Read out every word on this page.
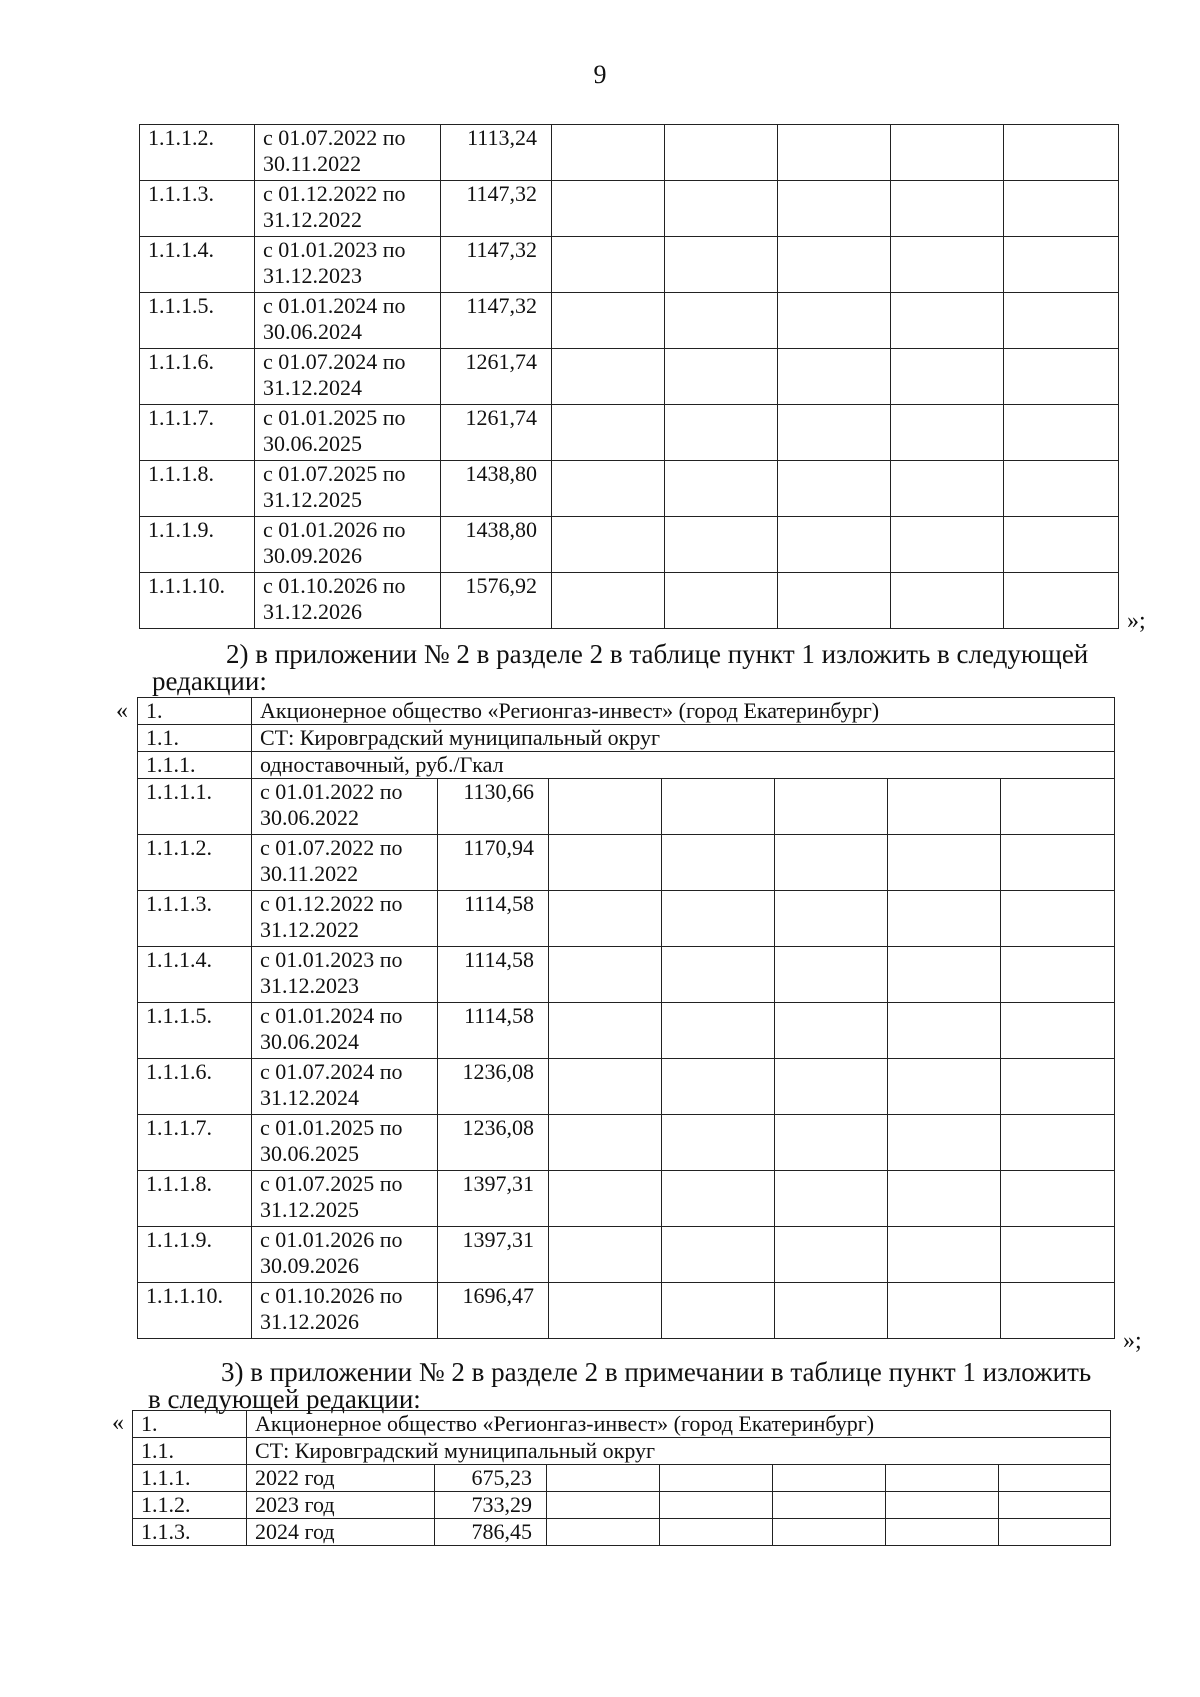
9
1.1.1.2.	с 01.07.2022 по
30.11.2022	1113,24					
1.1.1.3.	с 01.12.2022 по
31.12.2022	1147,32					
1.1.1.4.	с 01.01.2023 по
31.12.2023	1147,32					
1.1.1.5.	с 01.01.2024 по
30.06.2024	1147,32					
1.1.1.6.	с 01.07.2024 по
31.12.2024	1261,74					
1.1.1.7.	с 01.01.2025 по
30.06.2025	1261,74					
1.1.1.8.	с 01.07.2025 по
31.12.2025	1438,80					
1.1.1.9.	с 01.01.2026 по
30.09.2026	1438,80					
1.1.1.10.	с 01.10.2026 по
31.12.2026	1576,92					
»;
2) в приложении № 2 в разделе 2 в таблице пункт 1 изложить в следующей
редакции:
« 1.	Акционерное общество «Регионгаз-инвест» (город Екатеринбург)						
1.1.	СТ: Кировградский муниципальный округ						
1.1.1.	одноставочный, руб./Гкал						
1.1.1.1.	с 01.01.2022 по
30.06.2022	1130,66					
1.1.1.2.	с 01.07.2022 по
30.11.2022	1170,94					
1.1.1.3.	с 01.12.2022 по
31.12.2022	1114,58					
1.1.1.4.	с 01.01.2023 по
31.12.2023	1114,58					
1.1.1.5.	с 01.01.2024 по
30.06.2024	1114,58					
1.1.1.6.	с 01.07.2024 по
31.12.2024	1236,08					
1.1.1.7.	с 01.01.2025 по
30.06.2025	1236,08					
1.1.1.8.	с 01.07.2025 по
31.12.2025	1397,31					
1.1.1.9.	с 01.01.2026 по
30.09.2026	1397,31					
1.1.1.10.	с 01.10.2026 по
31.12.2026	1696,47					
»;
3) в приложении № 2 в разделе 2 в примечании в таблице пункт 1 изложить
в следующей редакции:
« 1.	Акционерное общество «Регионгаз-инвест» (город Екатеринбург)						
1.1.	СТ: Кировградский муниципальный округ						
1.1.1.	2022 год	675,23					
1.1.2.	2023 год	733,29					
1.1.3.	2024 год	786,45					
